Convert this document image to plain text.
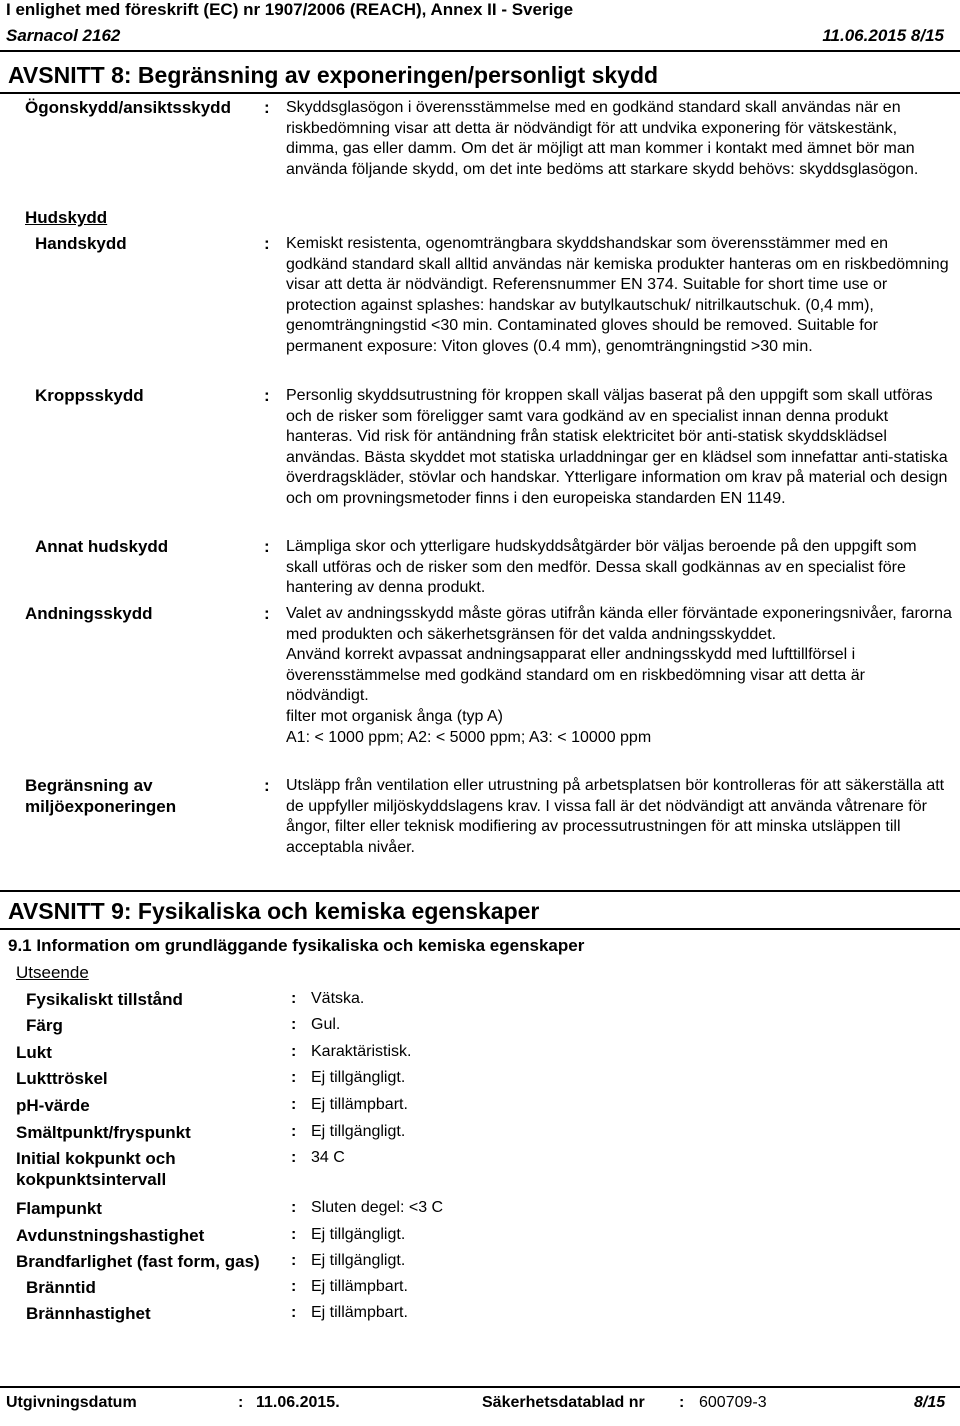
I enlighet med föreskrift (EC) nr 1907/2006 (REACH), Annex II - Sverige
Sarnacol 2162	11.06.2015 8/15
AVSNITT 8: Begränsning av exponeringen/personligt skydd
Ögonskydd/ansiktsskydd : Skyddsglasögon i överensstämmelse med en godkänd standard skall användas när en riskbedömning visar att detta är nödvändigt för att undvika exponering för vätskestänk, dimma, gas eller damm. Om det är möjligt att man kommer i kontakt med ämnet bör man använda följande skydd, om det inte bedöms att starkare skydd behövs: skyddsglasögon.

Hudskydd
Handskydd	: Kemiskt resistenta, ogenomträngbara skyddshandskar som överensstämmer med en godkänd standard skall alltid användas när kemiska produkter hanteras om en riskbedömning visar att detta är nödvändigt. Referensnummer EN 374. Suitable for short time use or protection against splashes: handskar av butylkautschuk/ nitrilkautschuk. (0,4 mm), genomträngningstid <30 min. Contaminated gloves should be removed. Suitable for permanent exposure: Viton gloves (0.4 mm), genomträngningstid >30 min.

Kroppsskydd	: Personlig skyddsutrustning för kroppen skall väljas baserat på den uppgift som skall utföras och de risker som föreligger samt vara godkänd av en specialist innan denna produkt hanteras. Vid risk för antändning från statisk elektricitet bör anti-statisk skyddsklädsel användas. Bästa skyddet mot statiska urladdningar ger en klädsel som innefattar anti-statiska överdragskläder, stövlar och handskar. Ytterligare information om krav på material och design och om provningsmetoder finns i den europeiska standarden EN 1149.

Annat hudskydd	: Lämpliga skor och ytterligare hudskyddsåtgärder bör väljas beroende på den uppgift som skall utföras och de risker som den medför. Dessa skall godkännas av en specialist före hantering av denna produkt.

Andningsskydd	: Valet av andningsskydd måste göras utifrån kända eller förväntade exponeringsnivåer, farorna med produkten och säkerhetsgränsen för det valda andningsskyddet.

Använd korrekt avpassat andningsapparat eller andningsskydd med lufttillförsel i överensstämmelse med godkänd standard om en riskbedömning visar att detta är nödvändigt.

filter mot organisk ånga (typ A)

A1: < 1000 ppm; A2: < 5000 ppm; A3: < 10000 ppm

Begränsning av
miljöexponeringen
: Utsläpp från ventilation eller utrustning på arbetsplatsen bör kontrolleras för att säkerställa att de uppfyller miljöskyddslagens krav. I vissa fall är det nödvändigt att använda våtrenare för ångor, filter eller teknisk modifiering av processutrustningen för att minska utsläppen till acceptabla nivåer.

AVSNITT 9: Fysikaliska och kemiska egenskaper
9.1 Information om grundläggande fysikaliska och kemiska egenskaper
Utseende
Fysikaliskt tillstånd	: Vätska.
Färg	: Gul.
Lukt	: Karaktäristisk.
Lukttröskel	: Ej tillgängligt.
pH-värde	: Ej tillämpbart.
Smältpunkt/fryspunkt	: Ej tillgängligt.
Initial kokpunkt och kokpunktsintervall
: 34 C
Flampunkt	: Sluten degel: <3 C
Avdunstningshastighet	: Ej tillgängligt.
Brandfarlighet (fast form, gas) : Ej tillgängligt.
Bränntid	: Ej tillämpbart.
Brännhastighet	: Ej tillämpbart.
Utgivningsdatum	: 11.06.2015.	Säkerhetsdatablad nr : 600709-3	8/15
